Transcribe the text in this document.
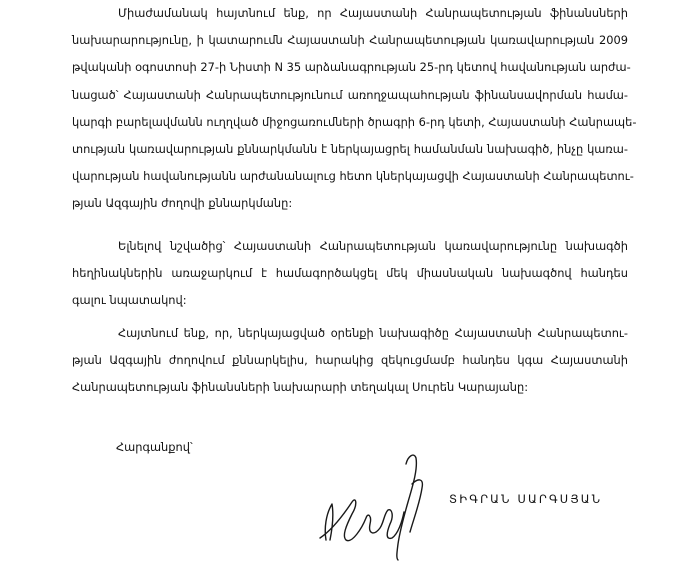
Միաժամանակ հայտնում ենք, որ Հայաստանի Հանրապետության ֆինանսների
նախարարությունը, ի կատարումն Հայաստանի Հանրապետության կառավարության 2009
թվականի օգոստոսի 27-ի Նիստի N 35 արձանագրության 25-րդ կետով հավանության արժա-
նացած՝ Հայաստանի Հանրապետությունում առողջապահության ֆինանսավորման համա-
կարգի բարելավմանն ուղղված միջոցառումների ծրագրի 6-րդ կետի, Հայաստանի Հանրապե-
տության կառավարության քննարկմանն է ներկայացրել համանման նախագիծ, ինչը կառա-
վարության հավանությանն արժանանալուց հետո կներկայացվի Հայաստանի Հանրապետու-
թյան Ազգային ժողովի քննարկմանը:
Ելնելով նշվածից՝ Հայաստանի Հանրապետության կառավարությունը նախագծի
հեղինակներին առաջարկում է համագործակցել մեկ միասնական նախագծով հանդես
գալու նպատակով:
Հայտնում ենք, որ, ներկայացված օրենքի նախագիծը Հայաստանի Հանրապետու-
թյան Ազգային ժողովում քննարկելիս, հարակից զեկուցմամբ հանդես կգա Հայաստանի
Հանրապետության ֆինանսների նախարարի տեղակալ Սուրեն Կարայանը:
Հարգանքով՝
ՏԻԳՐԱՆ ՍԱՐԳՍՅԱՆ
